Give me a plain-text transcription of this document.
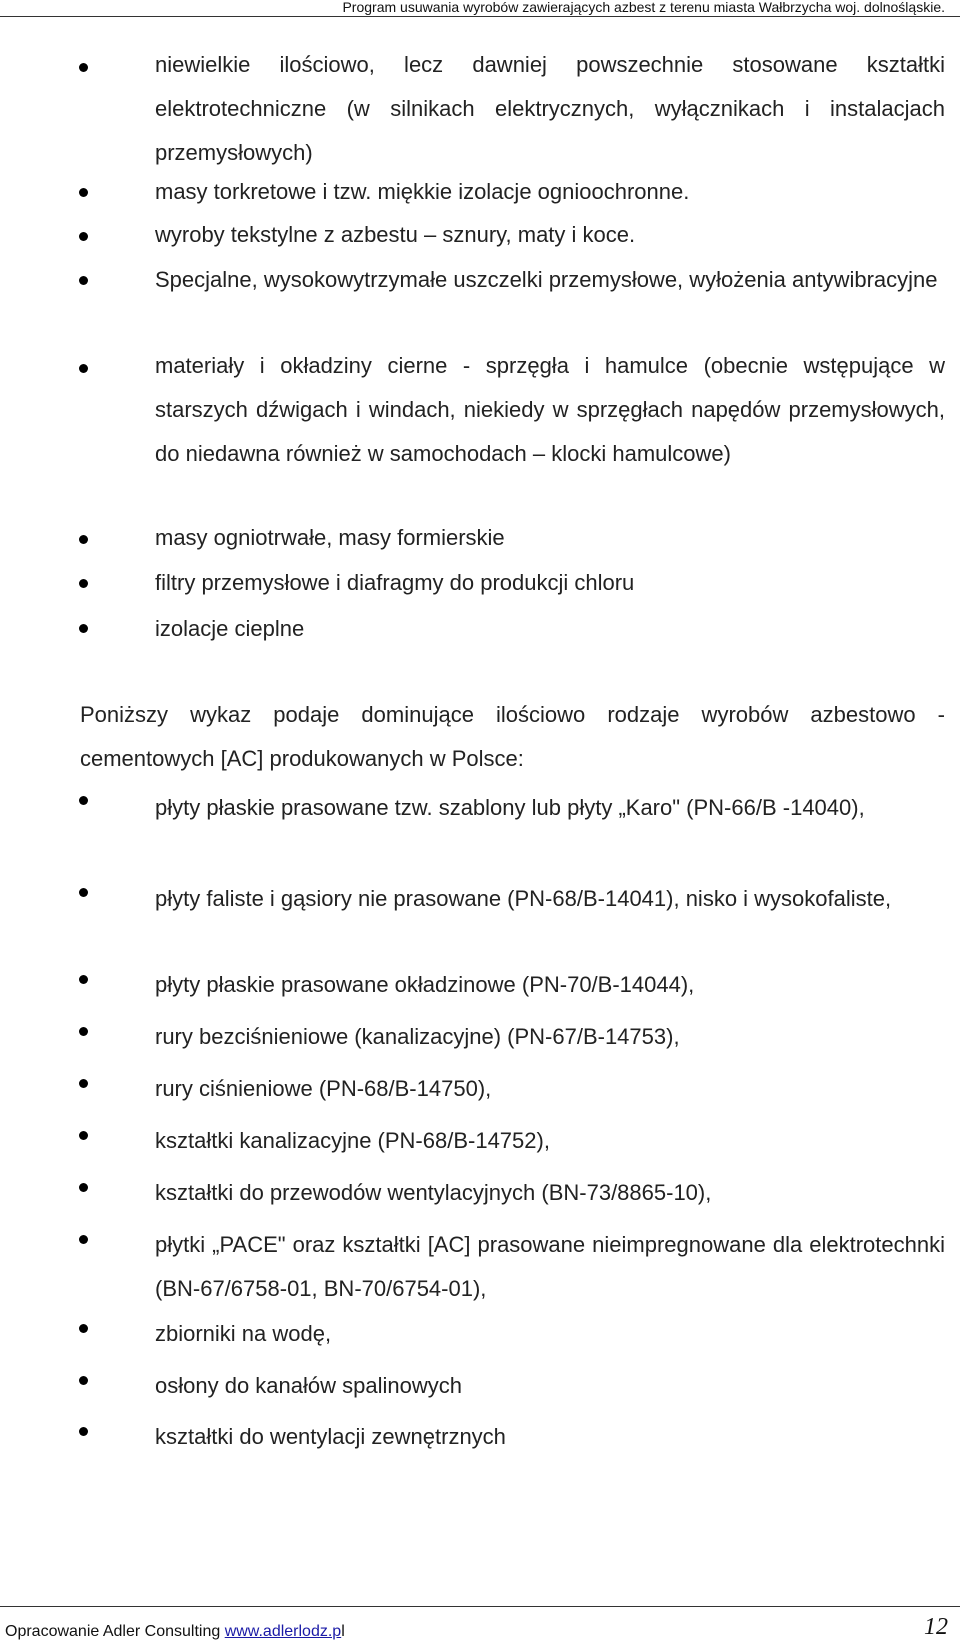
Program usuwania wyrobów zawierających azbest z terenu miasta Wałbrzycha woj. dolnośląskie.
niewielkie ilościowo, lecz dawniej powszechnie stosowane kształtki elektrotechniczne (w silnikach elektrycznych, wyłącznikach i instalacjach przemysłowych)
masy torkretowe i tzw. miękkie izolacje ognioochronne.
wyroby tekstylne z azbestu – sznury, maty i koce.
Specjalne, wysokowytrzymałe uszczelki przemysłowe, wyłożenia antywibracyjne
materiały i okładziny cierne - sprzęgła i hamulce (obecnie wstępujące w starszych dźwigach i windach, niekiedy w sprzęgłach napędów przemysłowych, do niedawna również w samochodach – klocki hamulcowe)
masy ogniotrwałe, masy formierskie
filtry przemysłowe i diafragmy do produkcji chloru
izolacje cieplne

Poniższy wykaz podaje dominujące ilościowo rodzaje wyrobów azbestowo -cementowych [AC] produkowanych w Polsce:

płyty płaskie prasowane tzw. szablony lub płyty „Karo" (PN-66/B -14040),
płyty faliste i gąsiory nie prasowane (PN-68/B-14041), nisko i wysokofaliste,
płyty płaskie prasowane okładzinowe (PN-70/B-14044),
rury bezciśnieniowe (kanalizacyjne) (PN-67/B-14753),
rury ciśnieniowe (PN-68/B-14750),
kształtki kanalizacyjne (PN-68/B-14752),
kształtki do przewodów wentylacyjnych (BN-73/8865-10),
płytki „PACE" oraz kształtki [AC] prasowane nieimpregnowane dla elektrotechnki (BN-67/6758-01, BN-70/6754-01),
zbiorniki na wodę,
osłony do kanałów spalinowych
kształtki do wentylacji zewnętrznych
Opracowanie Adler Consulting www.adlerlodz.pl	12
